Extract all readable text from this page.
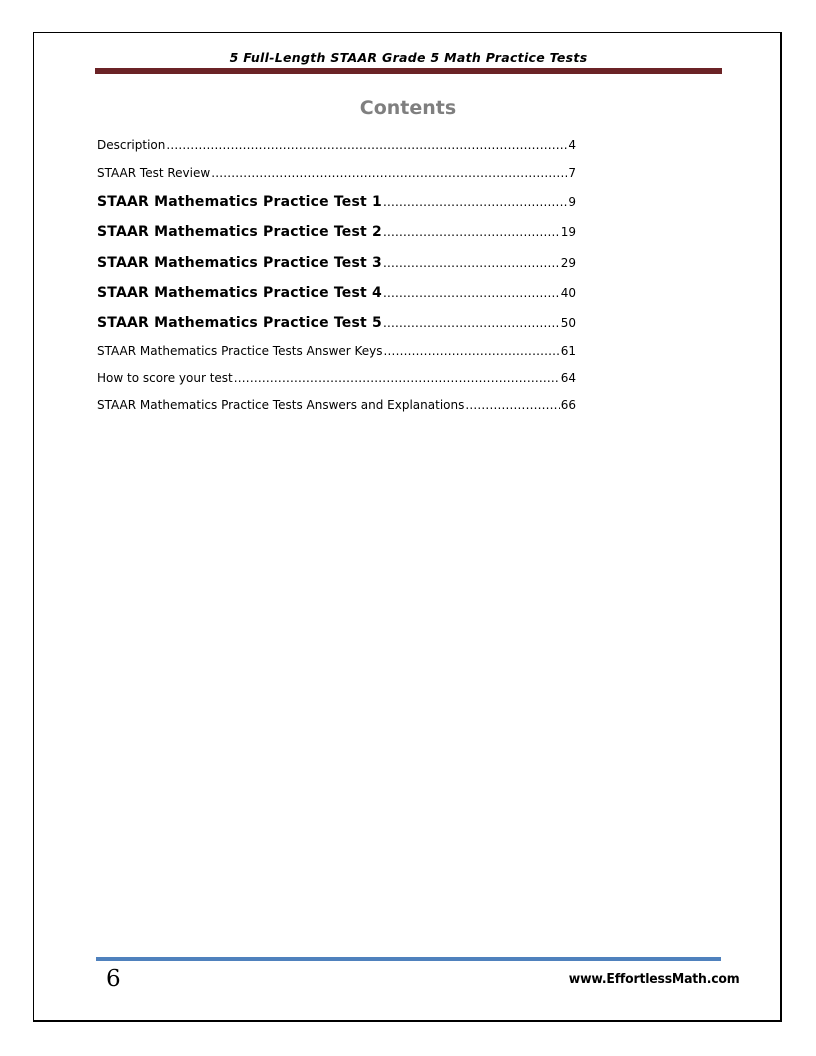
5 Full-Length STAAR Grade 5 Math Practice Tests
Contents
Description .....	4
STAAR Test Review .....	7
STAAR Mathematics Practice Test 1 .....	9
STAAR Mathematics Practice Test 2 .....	19
STAAR Mathematics Practice Test 3 .....	29
STAAR Mathematics Practice Test 4 .....	40
STAAR Mathematics Practice Test 5 .....	50
STAAR Mathematics Practice Tests Answer Keys .....	61
How to score your test .....	64
STAAR Mathematics Practice Tests Answers and Explanations .....	66
6	www.EffortlessMath.com
